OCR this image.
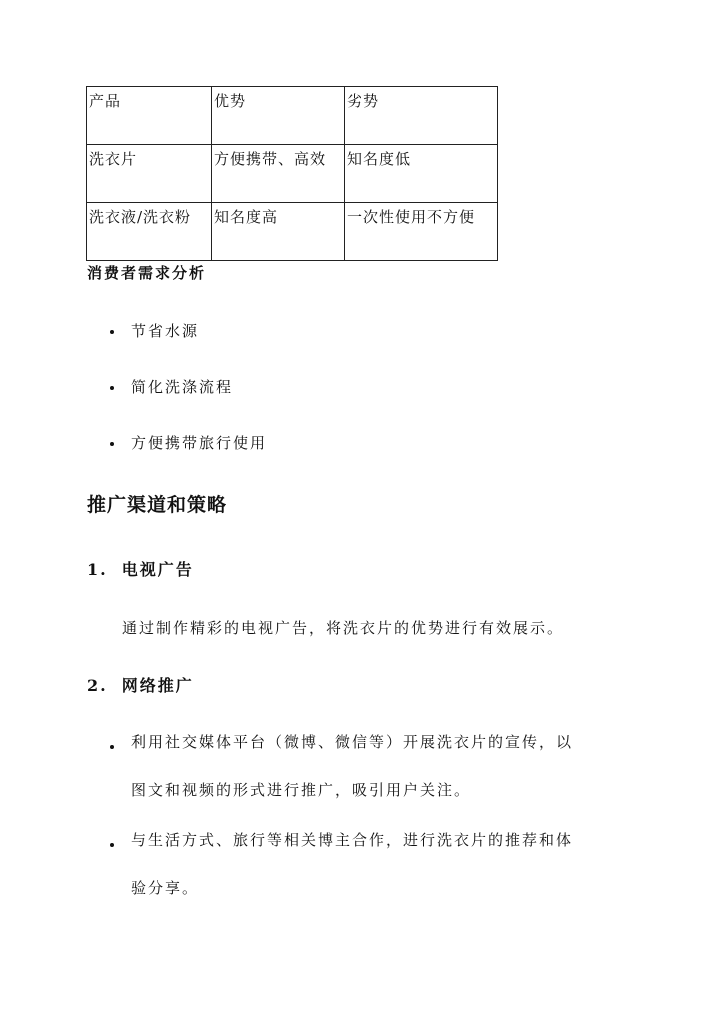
产品	优势	劣势
洗衣片	方便携带、高效	知名度低
洗衣液/洗衣粉	知名度高	一次性使用不方便
消费者需求分析
节省水源
简化洗涤流程
方便携带旅行使用
推广渠道和策略
1. 电视广告
通过制作精彩的电视广告，将洗衣片的优势进行有效展示。
2. 网络推广
利用社交媒体平台（微博、微信等）开展洗衣片的宣传，以
图文和视频的形式进行推广，吸引用户关注。
与生活方式、旅行等相关博主合作，进行洗衣片的推荐和体
验分享。
